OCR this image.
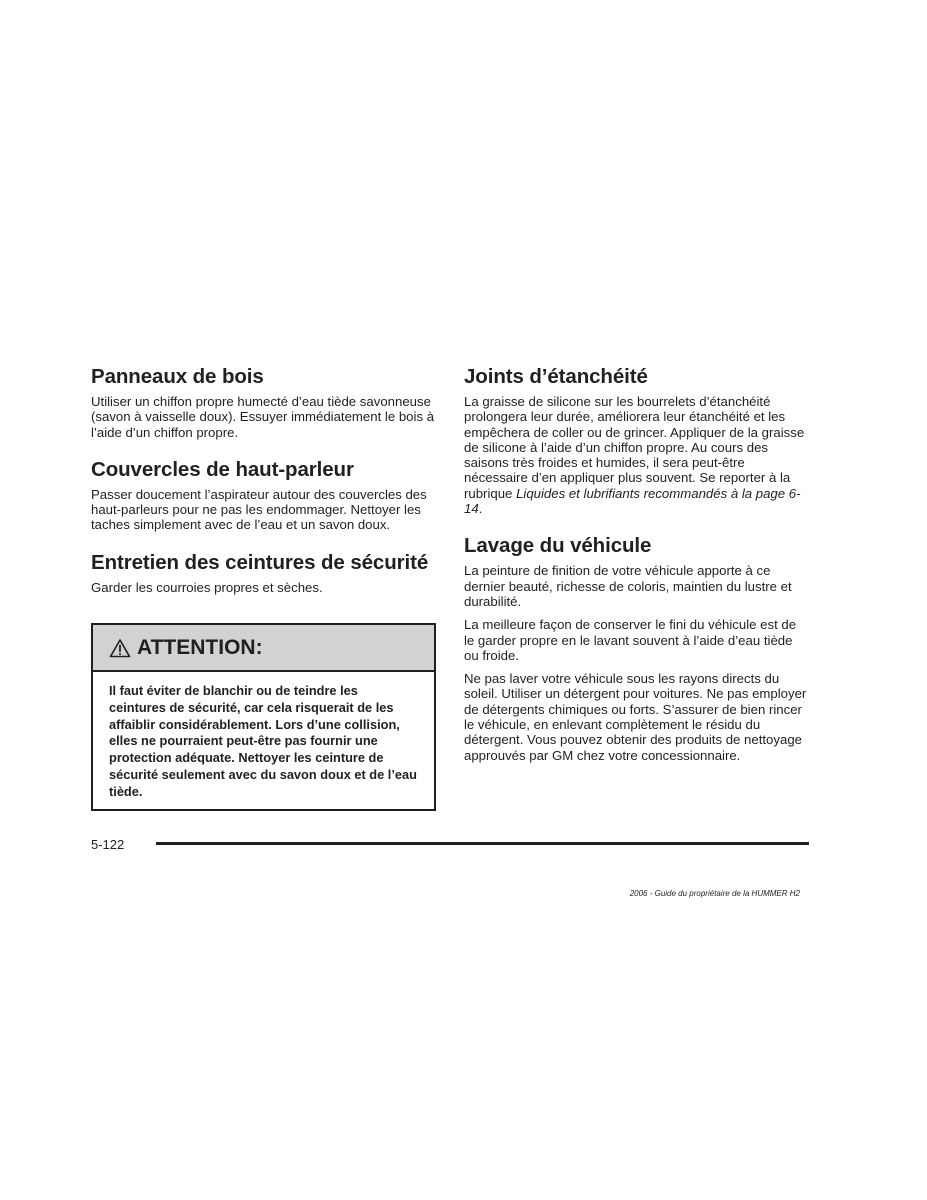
Panneaux de bois

Utiliser un chiffon propre humecté d’eau tiède savonneuse (savon à vaisselle doux). Essuyer immédiatement le bois à l’aide d’un chiffon propre.

Couvercles de haut-parleur

Passer doucement l’aspirateur autour des couvercles des haut-parleurs pour ne pas les endommager. Nettoyer les taches simplement avec de l’eau et un savon doux.

Entretien des ceintures de sécurité

Garder les courroies propres et sèches.

ATTENTION:
Il faut éviter de blanchir ou de teindre les ceintures de sécurité, car cela risquerait de les affaiblir considérablement. Lors d’une collision, elles ne pourraient peut-être pas fournir une protection adéquate. Nettoyer les ceinture de sécurité seulement avec du savon doux et de l’eau tiède.
Joints d’étanchéité

La graisse de silicone sur les bourrelets d’étanchéité prolongera leur durée, améliorera leur étanchéité et les empêchera de coller ou de grincer. Appliquer de la graisse de silicone à l’aide d’un chiffon propre. Au cours des saisons très froides et humides, il sera peut-être nécessaire d’en appliquer plus souvent. Se reporter à la rubrique Liquides et lubrifiants recommandés à la page 6-14.

Lavage du véhicule

La peinture de finition de votre véhicule apporte à ce dernier beauté, richesse de coloris, maintien du lustre et durabilité.

La meilleure façon de conserver le fini du véhicule est de le garder propre en le lavant souvent à l’aide d’eau tiède ou froide.

Ne pas laver votre véhicule sous les rayons directs du soleil. Utiliser un détergent pour voitures. Ne pas employer de détergents chimiques ou forts. S’assurer de bien rincer le véhicule, en enlevant complètement le résidu du détergent. Vous pouvez obtenir des produits de nettoyage approuvés par GM chez votre concessionnaire.

5-122
2006 - Guide du propriétaire de la HUMMER H2
